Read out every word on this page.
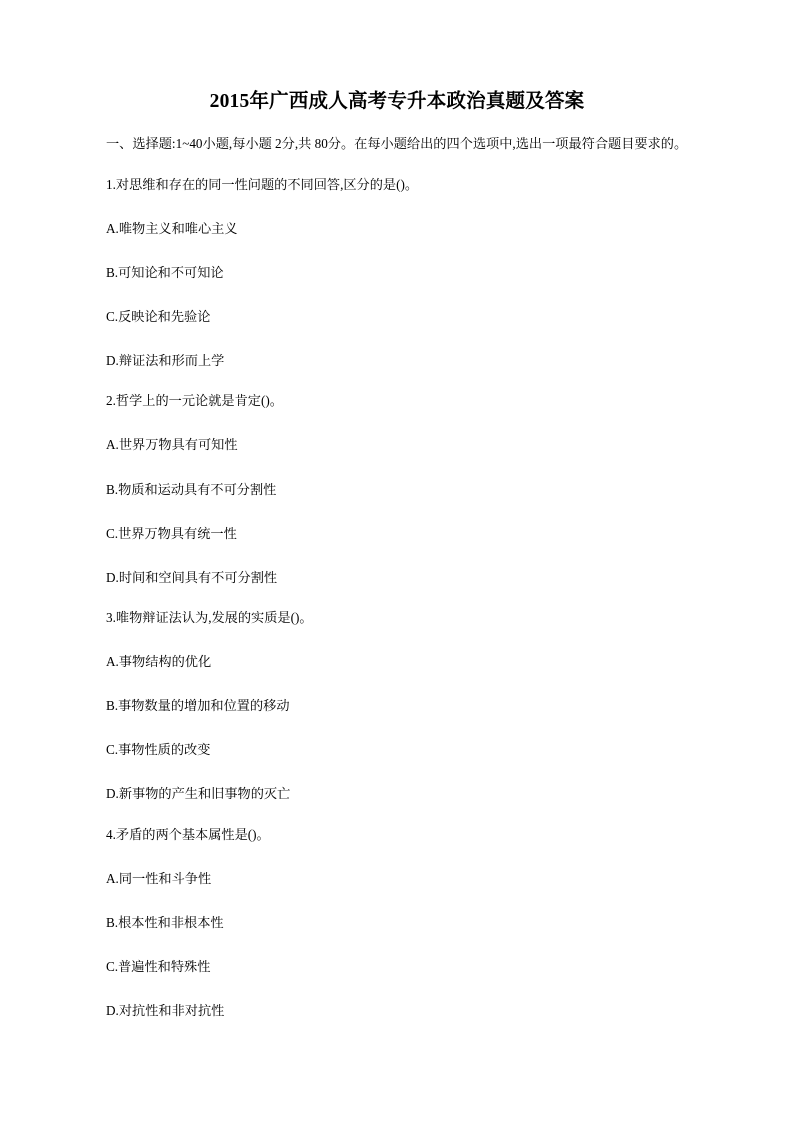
2015年广西成人高考专升本政治真题及答案

一、选择题:1~40小题,每小题 2分,共 80分。在每小题给出的四个选项中,选出一项最符合题目要求的。

1.对思维和存在的同一性问题的不同回答,区分的是()。

A.唯物主义和唯心主义

B.可知论和不可知论

C.反映论和先验论

D.辩证法和形而上学

2.哲学上的一元论就是肯定()。

A.世界万物具有可知性

B.物质和运动具有不可分割性

C.世界万物具有统一性

D.时间和空间具有不可分割性

3.唯物辩证法认为,发展的实质是()。

A.事物结构的优化

B.事物数量的增加和位置的移动

C.事物性质的改变

D.新事物的产生和旧事物的灭亡

4.矛盾的两个基本属性是()。

A.同一性和斗争性

B.根本性和非根本性

C.普遍性和特殊性

D.对抗性和非对抗性
